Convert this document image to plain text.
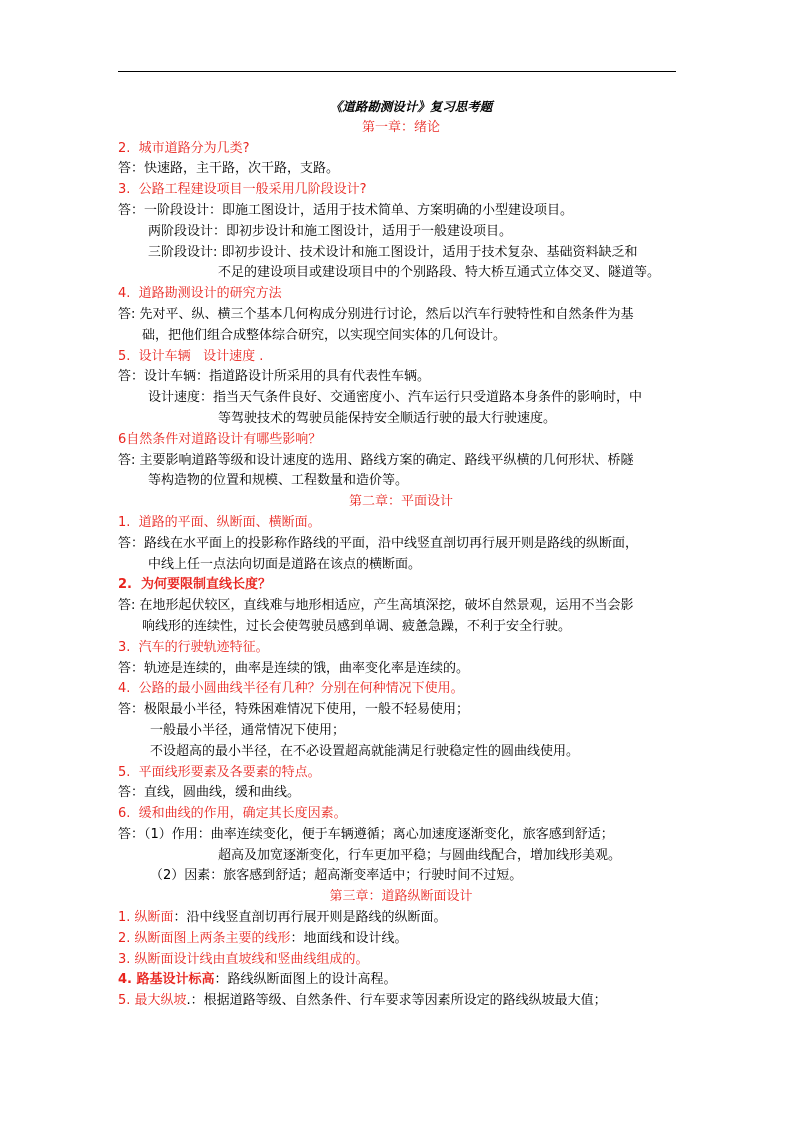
《道路勘测设计》复习思考题
第一章：绪论
2.  城市道路分为几类?
答：快速路，主干路，次干路，支路。
3.  公路工程建设项目一般采用几阶段设计?
答：一阶段设计：即施工图设计，适用于技术简单、方案明确的小型建设项目。
两阶段设计：即初步设计和施工图设计，适用于一般建设项目。
三阶段设计: 即初步设计、技术设计和施工图设计，适用于技术复杂、基础资料缺乏和
不足的建设项目或建设项目中的个别路段、特大桥互通式立体交叉、隧道等。
4.  道路勘测设计的研究方法
答: 先对平、纵、横三个基本几何构成分别进行讨论，然后以汽车行驶特性和自然条件为基
础，把他们组合成整体综合研究，以实现空间实体的几何设计。
5.  设计车辆   设计速度 .
答：设计车辆：指道路设计所采用的具有代表性车辆。
设计速度：指当天气条件良好、交通密度小、汽车运行只受道路本身条件的影响时，中
等驾驶技术的驾驶员能保持安全顺适行驶的最大行驶速度。
6自然条件对道路设计有哪些影响？
答: 主要影响道路等级和设计速度的选用、路线方案的确定、路线平纵横的几何形状、桥隧
等构造物的位置和规模、工程数量和造价等。
第二章：平面设计
1.  道路的平面、纵断面、横断面。
答：路线在水平面上的投影称作路线的平面，沿中线竖直剖切再行展开则是路线的纵断面，
中线上任一点法向切面是道路在该点的横断面。
2.  为何要限制直线长度？
答: 在地形起伏较区，直线难与地形相适应，产生高填深挖，破坏自然景观，运用不当会影
响线形的连续性，过长会使驾驶员感到单调、疲惫急躁，不利于安全行驶。
3.  汽车的行驶轨迹特征。
答：轨迹是连续的，曲率是连续的饿，曲率变化率是连续的。
4.  公路的最小圆曲线半径有几种？分别在何种情况下使用。
答：极限最小半径，特殊困难情况下使用，一般不轻易使用；
一般最小半径，通常情况下使用；
不设超高的最小半径，在不必设置超高就能满足行驶稳定性的圆曲线使用。
5.  平面线形要素及各要素的特点。
答：直线，圆曲线，缓和曲线。
6.  缓和曲线的作用，确定其长度因素。
答：（1）作用：曲率连续变化，便于车辆遵循；离心加速度逐渐变化，旅客感到舒适；
超高及加宽逐渐变化，行车更加平稳；与圆曲线配合，增加线形美观。
（2）因素：旅客感到舒适；超高渐变率适中；行驶时间不过短。
第三章：道路纵断面设计
1. 纵断面：沿中线竖直剖切再行展开则是路线的纵断面。
2. 纵断面图上两条主要的线形：地面线和设计线。
3. 纵断面设计线由直坡线和竖曲线组成的。
4. 路基设计标高：路线纵断面图上的设计高程。
5. 最大纵坡.：根据道路等级、自然条件、行车要求等因素所设定的路线纵坡最大值；
